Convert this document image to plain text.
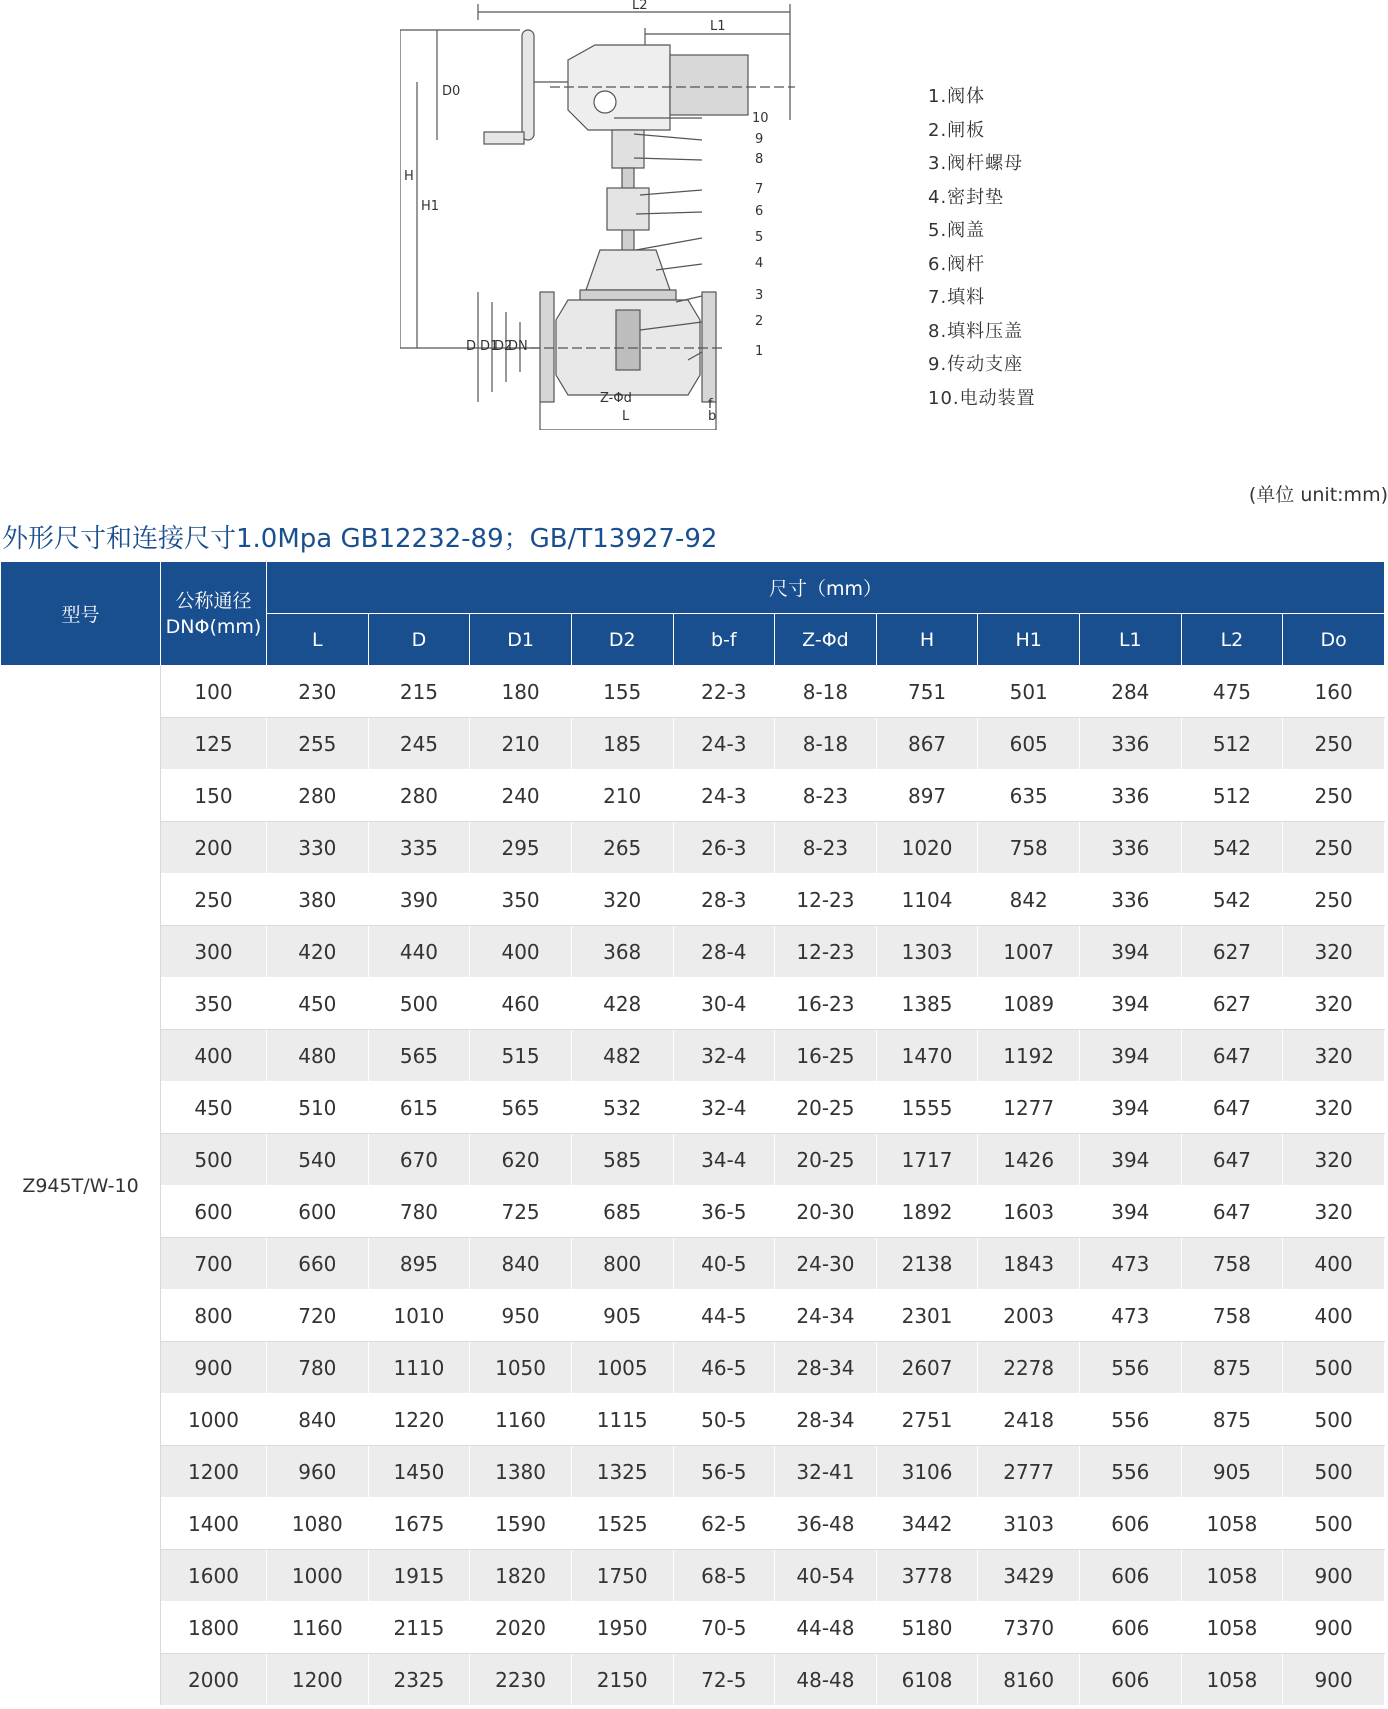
L2
L1
D0
H
H1
D D1
D2
DN
Z-Φd
L
f
b
10
9
8
7
6
5
4
3
2
1
1.阀体
2.闸板
3.阀杆螺母
4.密封垫
5.阀盖
6.阀杆
7.填料
8.填料压盖
9.传动支座
10.电动装置
(单位 unit:mm)
外形尺寸和连接尺寸1.0Mpa GB12232-89；GB/T13927-92
型号	公称通径
DNΦ(mm)	尺寸（mm）										
		L	D	D1	D2	b-f	Z-Φd	H	H1	L1	L2	Do
Z945T/W-10	100	230	215	180	155	22-3	8-18	751	501	284	475	160
	125	255	245	210	185	24-3	8-18	867	605	336	512	250
	150	280	280	240	210	24-3	8-23	897	635	336	512	250
	200	330	335	295	265	26-3	8-23	1020	758	336	542	250
	250	380	390	350	320	28-3	12-23	1104	842	336	542	250
	300	420	440	400	368	28-4	12-23	1303	1007	394	627	320
	350	450	500	460	428	30-4	16-23	1385	1089	394	627	320
	400	480	565	515	482	32-4	16-25	1470	1192	394	647	320
	450	510	615	565	532	32-4	20-25	1555	1277	394	647	320
	500	540	670	620	585	34-4	20-25	1717	1426	394	647	320
	600	600	780	725	685	36-5	20-30	1892	1603	394	647	320
	700	660	895	840	800	40-5	24-30	2138	1843	473	758	400
	800	720	1010	950	905	44-5	24-34	2301	2003	473	758	400
	900	780	1110	1050	1005	46-5	28-34	2607	2278	556	875	500
	1000	840	1220	1160	1115	50-5	28-34	2751	2418	556	875	500
	1200	960	1450	1380	1325	56-5	32-41	3106	2777	556	905	500
	1400	1080	1675	1590	1525	62-5	36-48	3442	3103	606	1058	500
	1600	1000	1915	1820	1750	68-5	40-54	3778	3429	606	1058	900
	1800	1160	2115	2020	1950	70-5	44-48	5180	7370	606	1058	900
	2000	1200	2325	2230	2150	72-5	48-48	6108	8160	606	1058	900
